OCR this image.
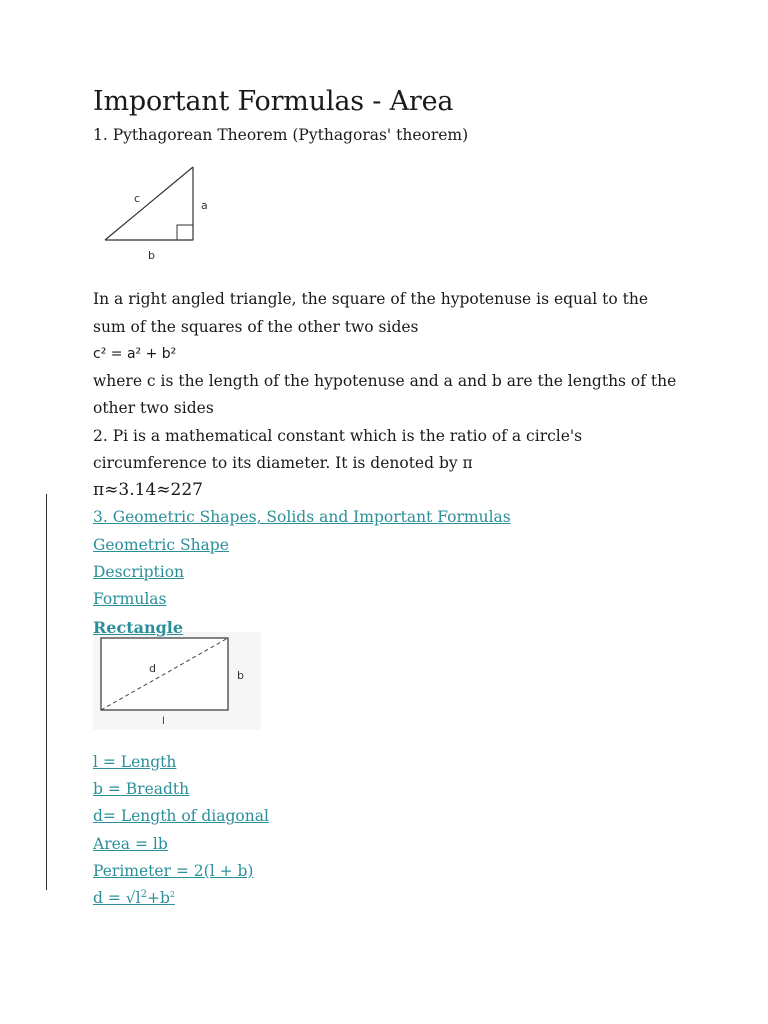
c
a
b
d
b
l
Important Formulas - Area

1. Pythagorean Theorem (Pythagoras' theorem)

In a right angled triangle, the square of the hypotenuse is equal to the

sum of the squares of the other two sides

c² = a² + b²

where c is the length of the hypotenuse and a and b are the lengths of the

other two sides

2. Pi is a mathematical constant which is the ratio of a circle's

circumference to its diameter. It is denoted by π

π≈3.14≈227

3. Geometric Shapes, Solids and Important Formulas
Geometric Shape
Description
Formulas
Rectangle
l = Length
b = Breadth
d= Length of diagonal
Area = lb
Perimeter = 2(l + b)
d = √l$^2$+b$^2$
